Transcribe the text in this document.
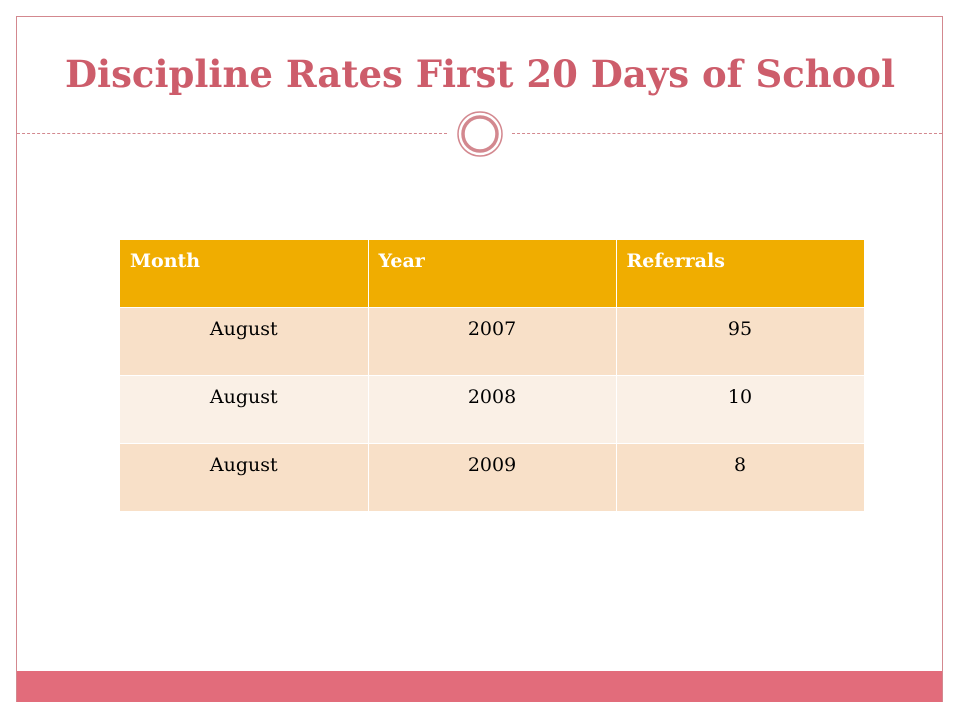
Discipline Rates First 20 Days of School
Month	Year	Referrals
August	2007	95
August	2008	10
August	2009	8
